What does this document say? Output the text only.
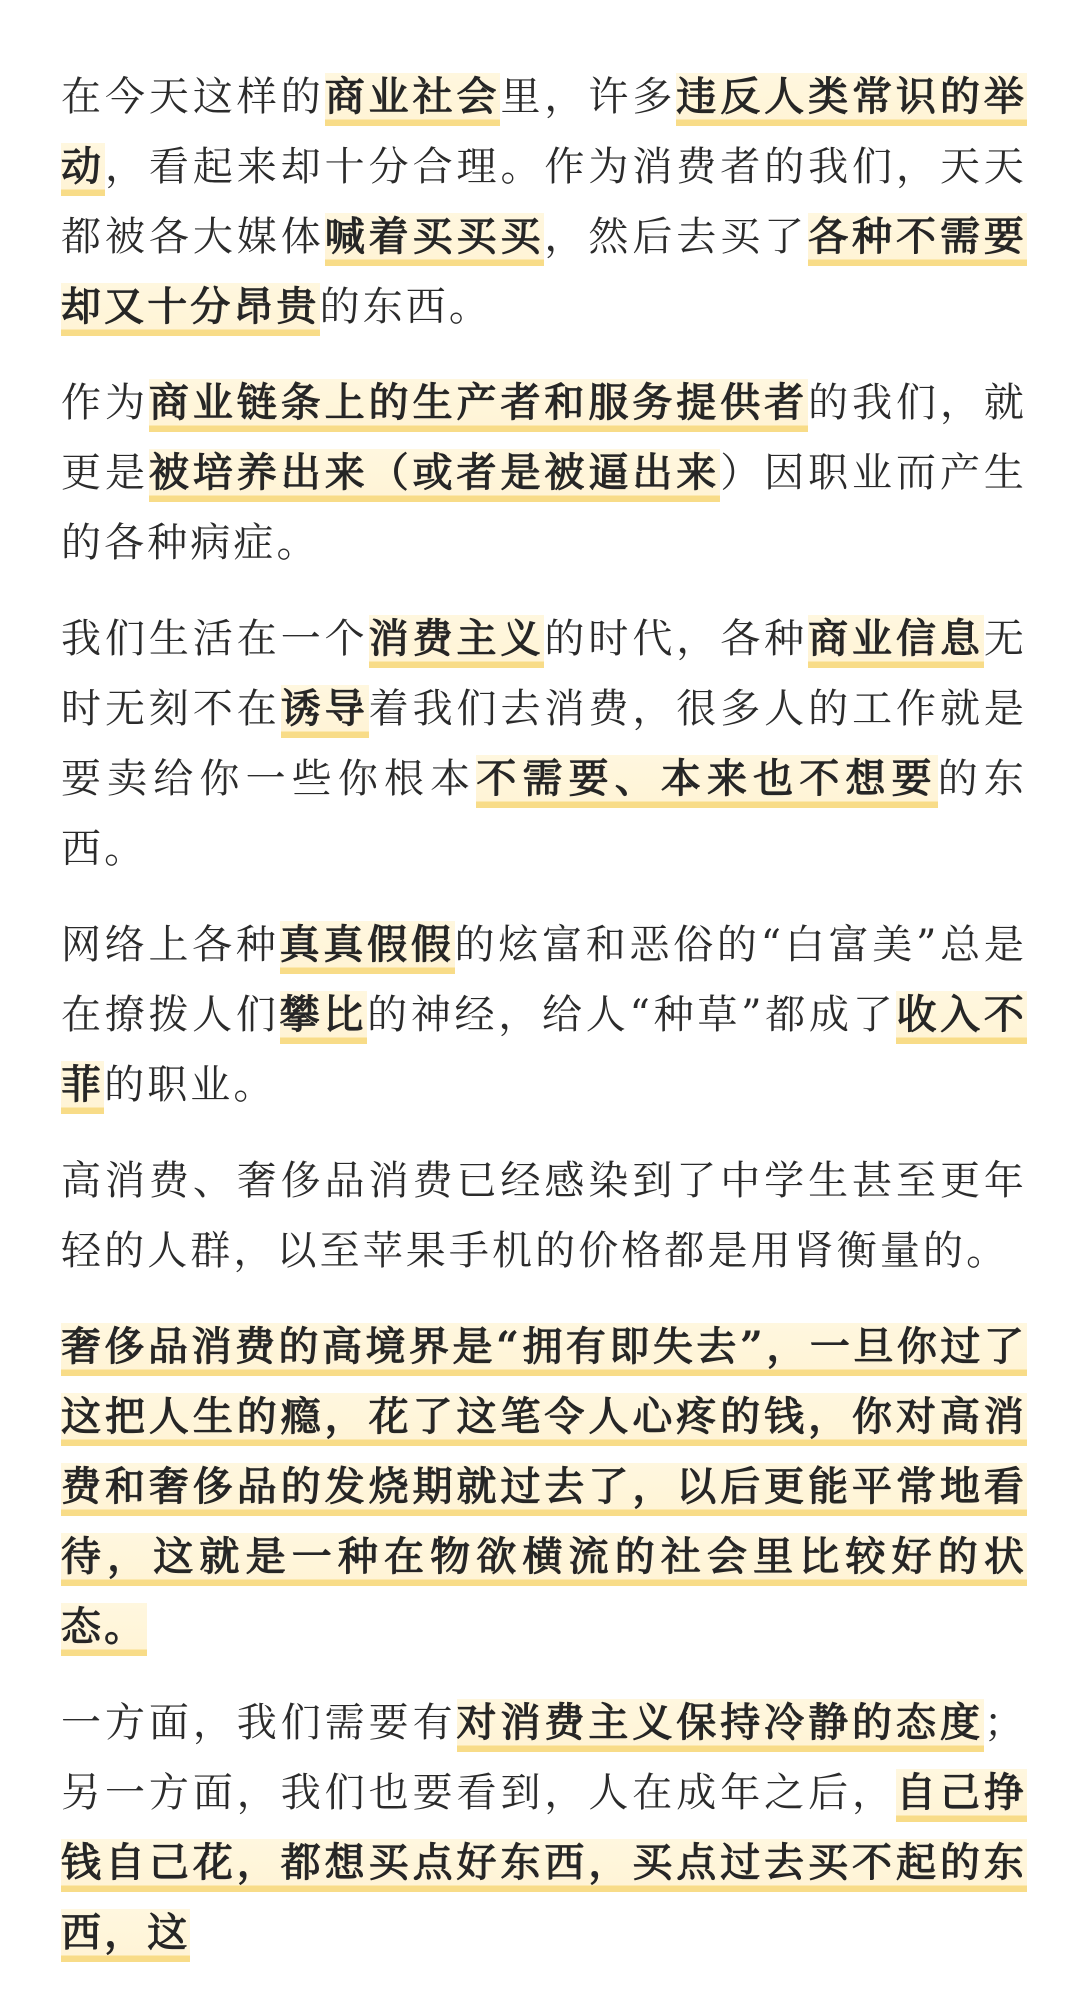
在今天这样的商业社会里，许多违反人类常识的举动，看起来却十分合理。作为消费者的我们，天天都被各大媒体喊着买买买，然后去买了各种不需要却又十分昂贵的东西。

作为商业链条上的生产者和服务提供者的我们，就更是被培养出来（或者是被逼出来）因职业而产生的各种病症。

我们生活在一个消费主义的时代，各种商业信息无时无刻不在诱导着我们去消费，很多人的工作就是要卖给你一些你根本不需要、本来也不想要的东西。

网络上各种真真假假的炫富和恶俗的“白富美”总是在撩拨人们攀比的神经，给人“种草”都成了收入不菲的职业。

高消费、奢侈品消费已经感染到了中学生甚至更年轻的人群，以至苹果手机的价格都是用肾衡量的。

奢侈品消费的高境界是“拥有即失去”，一旦你过了这把人生的瘾，花了这笔令人心疼的钱，你对高消费和奢侈品的发烧期就过去了，以后更能平常地看待，这就是一种在物欲横流的社会里比较好的状态。

一方面，我们需要有对消费主义保持冷静的态度；另一方面，我们也要看到，人在成年之后，自己挣钱自己花，都想买点好东西，买点过去买不起的东西，这
